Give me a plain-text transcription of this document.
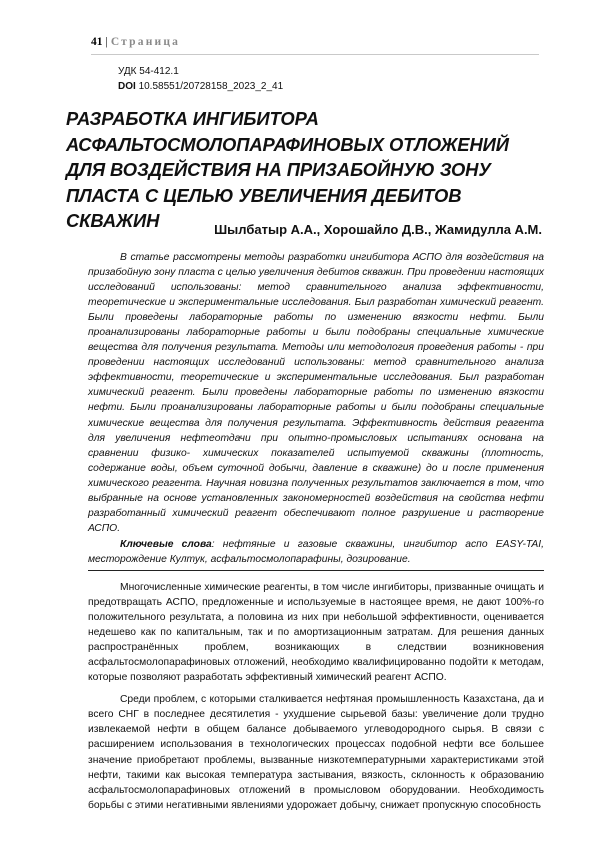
41 | Страница
УДК 54-412.1
DOI 10.58551/20728158_2023_2_41
РАЗРАБОТКА ИНГИБИТОРА АСФАЛЬТОСМОЛОПАРАФИНОВЫХ ОТЛОЖЕНИЙ ДЛЯ ВОЗДЕЙСТВИЯ НА ПРИЗАБОЙНУЮ ЗОНУ ПЛАСТА С ЦЕЛЬЮ УВЕЛИЧЕНИЯ ДЕБИТОВ СКВАЖИН	Шылбатыр А.А., Хорошайло Д.В., Жамидулла А.М.

В статье рассмотрены методы разработки ингибитора АСПО для воздействия на призабойную зону пласта с целью увеличения дебитов скважин. При проведении настоящих исследований использованы: метод сравнительного анализа эффективности, теоретические и экспериментальные исследования. Был разработан химический реагент. Были проведены лабораторные работы по изменению вязкости нефти. Были проанализированы лабораторные работы и были подобраны специальные химические вещества для получения результата. Методы или методология проведения работы - при проведении настоящих исследований использованы: метод сравнительного анализа эффективности, теоретические и экспериментальные исследования. Был разработан химический реагент. Были проведены лабораторные работы по изменению вязкости нефти. Были проанализированы лабораторные работы и были подобраны специальные химические вещества для получения результата. Эффективность действия реагента для увеличения нефтеотдачи при опытно-промысловых испытаниях основана на сравнении физико- химических показателей испытуемой скважины (плотность, содержание воды, объем суточной добычи, давление в скважине) до и после применения химического реагента. Научная новизна полученных результатов заключается в том, что выбранные на основе установленных закономерностей воздействия на свойства нефти разработанный химический реагент обеспечивают полное разрушение и растворение АСПО.

Ключевые слова: нефтяные и газовые скважины, ингибитор аспо EASY-TAI, месторождение Култук, асфальтосмолопарафины, дозирование.

Многочисленные химические реагенты, в том числе ингибиторы, призванные очищать и предотвращать АСПО, предложенные и используемые в настоящее время, не дают 100%-го положительного результата, а половина из них при небольшой эффективности, оценивается недешево как по капитальным, так и по амортизационным затратам. Для решения данных распространённых проблем, возникающих в следствии возникновения асфальтосмолопарафиновых отложений, необходимо квалифицированно подойти к методам, которые позволяют разработать эффективный химический реагент АСПО.

Среди проблем, с которыми сталкивается нефтяная промышленность Казахстана, да и всего СНГ в последнее десятилетия - ухудшение сырьевой базы: увеличение доли трудно извлекаемой нефти в общем балансе добываемого углеводородного сырья. В связи с расширением использования в технологических процессах подобной нефти все большее значение приобретают проблемы, вызванные низкотемпературными характеристиками этой нефти, такими как высокая температура застывания, вязкость, склонность к образованию асфальтосмолопарафиновых отложений в промысловом оборудовании. Необходимость борьбы с этими негативными явлениями удорожает добычу, снижает пропускную способность
